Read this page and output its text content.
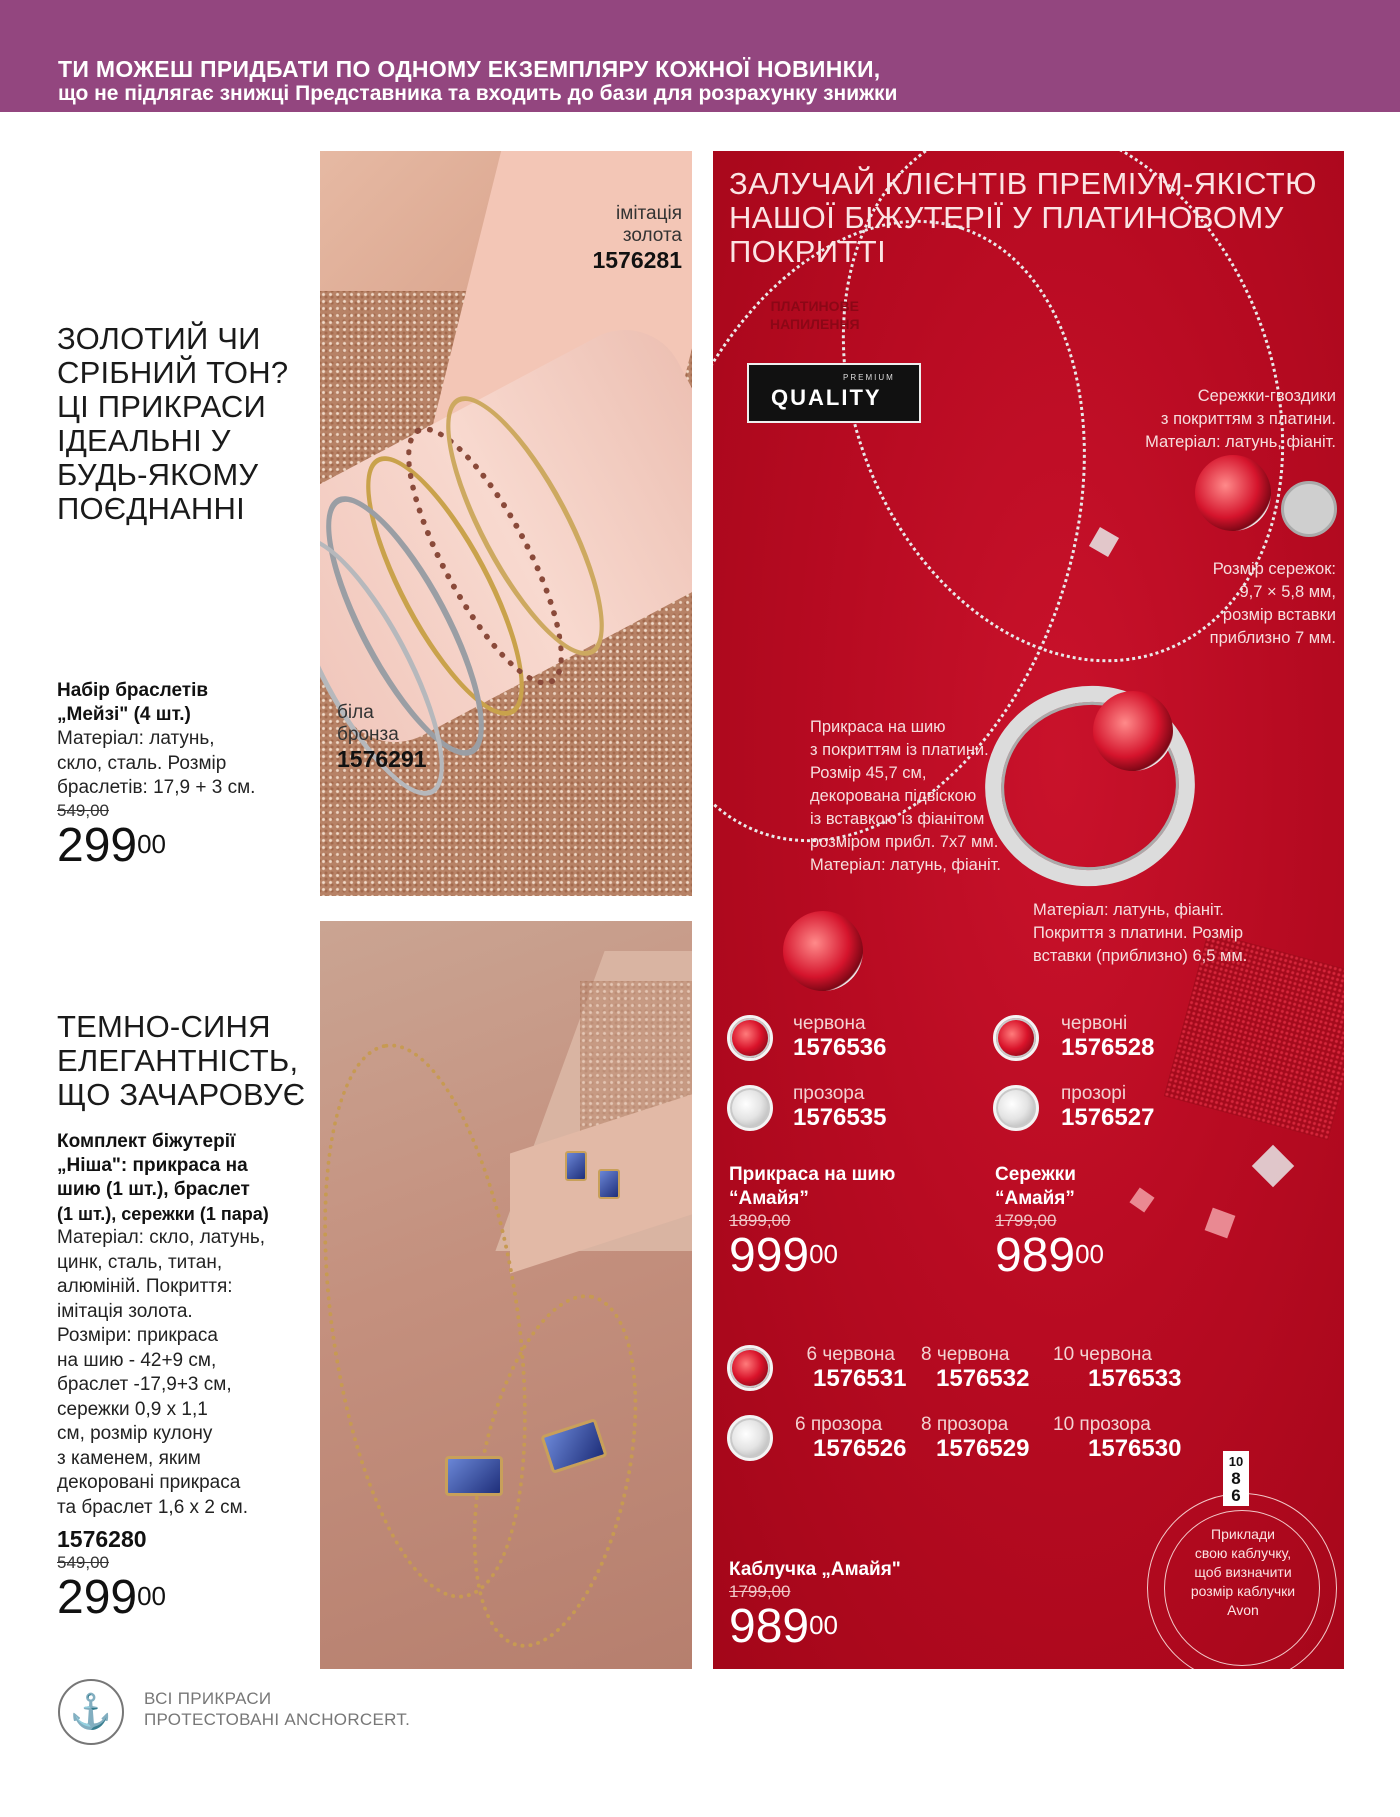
ТИ МОЖЕШ ПРИДБАТИ ПО ОДНОМУ ЕКЗЕМПЛЯРУ КОЖНОЇ НОВИНКИ,
що не підлягає знижці Представника та входить до бази для розрахунку знижки
ЗОЛОТИЙ ЧИ
СРІБНИЙ ТОН?
ЦІ ПРИКРАСИ
ІДЕАЛЬНІ У
БУДЬ-ЯКОМУ
ПОЄДНАННІ
Набір браслетів
„Мейзі" (4 шт.)
Матеріал: латунь,
скло, сталь. Розмір
браслетів: 17,9 + 3 см.
549,00
$299^{00}$
імітація
золота
1576281
біла
бронза
1576291
ТЕМНО-СИНЯ
ЕЛЕГАНТНІСТЬ,
ЩО ЗАЧАРОВУЄ
Комплект біжутерії
„Ніша": прикраса на
шию (1 шт.), браслет
(1 шт.), сережки (1 пара)
Матеріал: скло, латунь,
цинк, сталь, титан,
алюміній. Покриття:
імітація золота.
Розміри: прикраса
на шию - 42+9 см,
браслет -17,9+3 см,
сережки 0,9 x 1,1
см, розмір кулону
з каменем, яким
декоровані прикраса
та браслет 1,6 x 2 см.
1576280
549,00
$299^{00}$
ЗАЛУЧАЙ КЛІЄНТІВ ПРЕМІУМ-ЯКІСТЮ
НАШОЇ БІЖУТЕРІЇ У ПЛАТИНОВОМУ
ПОКРИТТІ
ПЛАТИНОВЕ
НАПИЛЕННЯ
PREMIUM
QUALITY	Сережки-гвоздики
з покриттям з платини.
Матеріал: латунь, фіаніт.
Розмір сережок:
9,7 × 5,8 мм,
розмір вставки
приблизно 7 мм.
Прикраса на шию
з покриттям із платини.
Розмір 45,7 см,
декорована підвіскою
із вставкою із фіанітом
розміром прибл. 7x7 мм.
Матеріал: латунь, фіаніт.
Матеріал: латунь, фіаніт.
Покриття з платини. Розмір
вставки (приблизно) 6,5 мм.
червона
1576536
прозора
1576535
Прикраса на шию
“Амайя”
1899,00
$999^{00}$
червоні
1576528
прозорі
1576527
Сережки
“Амайя”
1799,00
$989^{00}$
6 червона
1576531
8 червона
1576532
10 червона
1576533
6 прозора
1576526
8 прозора
1576529
10 прозора
1576530
Каблучка „Амайя"
1799,00
$989^{00}$
10
8
6
Приклади
свою каблучку,
щоб визначити
розмір каблучки
Avon
⚓	ВСІ ПРИКРАСИ
ПРОТЕСТОВАНІ ANCHORCERT.
